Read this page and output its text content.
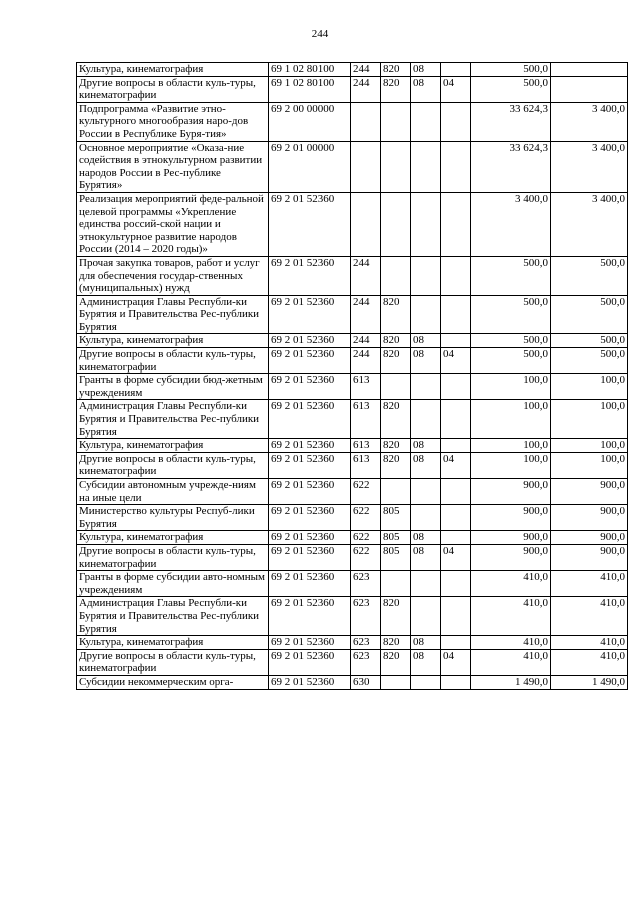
244
Культура, кинематография	69 1 02 80100	244	820	08		500,0	
Другие вопросы в области куль-туры, кинематографии	69 1 02 80100	244	820	08	04	500,0	
Подпрограмма «Развитие этно-культурного многообразия наро-дов России в Республике Буря-тия»	69 2 00 00000					33 624,3	3 400,0
Основное мероприятие «Оказа-ние содействия в этнокультурном развитии народов России в Рес-публике Бурятия»	69 2 01 00000					33 624,3	3 400,0
Реализация мероприятий феде-ральной целевой программы «Укрепление единства россий-ской нации и этнокультурное развитие народов России (2014 – 2020 годы)»	69 2 01 52360					3 400,0	3 400,0
Прочая закупка товаров, работ и услуг для обеспечения государ-ственных (муниципальных) нужд	69 2 01 52360	244				500,0	500,0
Администрация Главы Республи-ки Бурятия и Правительства Рес-публики Бурятия	69 2 01 52360	244	820			500,0	500,0
Культура, кинематография	69 2 01 52360	244	820	08		500,0	500,0
Другие вопросы в области куль-туры, кинематографии	69 2 01 52360	244	820	08	04	500,0	500,0
Гранты в форме субсидии бюд-жетным учреждениям	69 2 01 52360	613				100,0	100,0
Администрация Главы Республи-ки Бурятия и Правительства Рес-публики Бурятия	69 2 01 52360	613	820			100,0	100,0
Культура, кинематография	69 2 01 52360	613	820	08		100,0	100,0
Другие вопросы в области куль-туры, кинематографии	69 2 01 52360	613	820	08	04	100,0	100,0
Субсидии автономным учрежде-ниям на иные цели	69 2 01 52360	622				900,0	900,0
Министерство культуры Респуб-лики Бурятия	69 2 01 52360	622	805			900,0	900,0
Культура, кинематография	69 2 01 52360	622	805	08		900,0	900,0
Другие вопросы в области куль-туры, кинематографии	69 2 01 52360	622	805	08	04	900,0	900,0
Гранты в форме субсидии авто-номным учреждениям	69 2 01 52360	623				410,0	410,0
Администрация Главы Республи-ки Бурятия и Правительства Рес-публики Бурятия	69 2 01 52360	623	820			410,0	410,0
Культура, кинематография	69 2 01 52360	623	820	08		410,0	410,0
Другие вопросы в области куль-туры, кинематографии	69 2 01 52360	623	820	08	04	410,0	410,0
Субсидии некоммерческим орга-	69 2 01 52360	630				1 490,0	1 490,0
